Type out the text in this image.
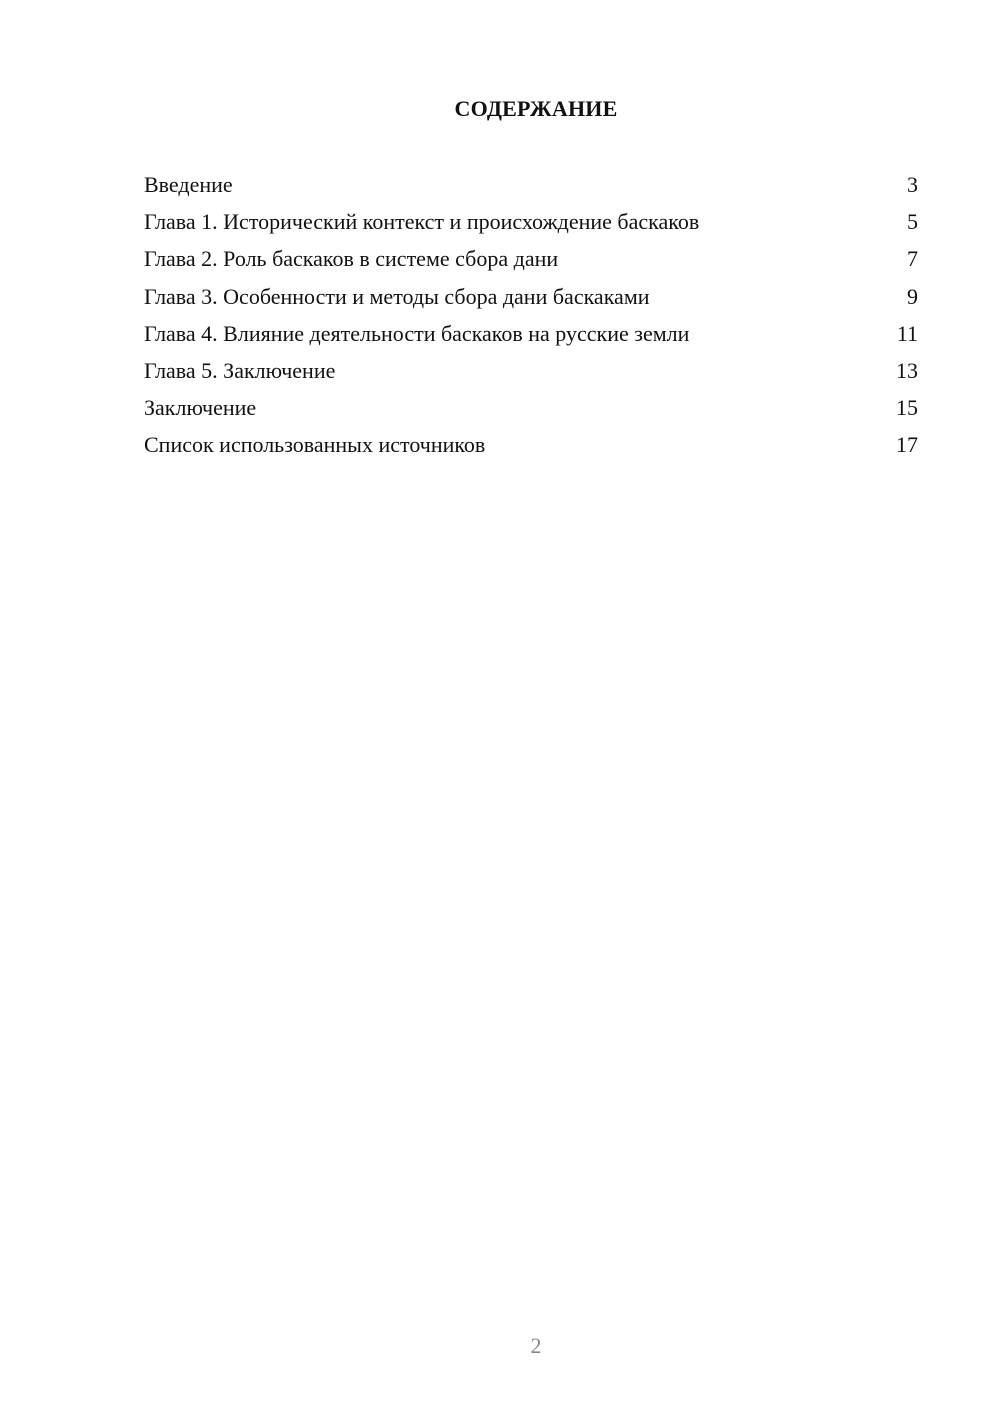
СОДЕРЖАНИЕ
Введение	3
Глава 1. Исторический контекст и происхождение баскаков	5
Глава 2. Роль баскаков в системе сбора дани	7
Глава 3. Особенности и методы сбора дани баскаками	9
Глава 4. Влияние деятельности баскаков на русские земли	11
Глава 5. Заключение	13
Заключение	15
Список использованных источников	17
2
